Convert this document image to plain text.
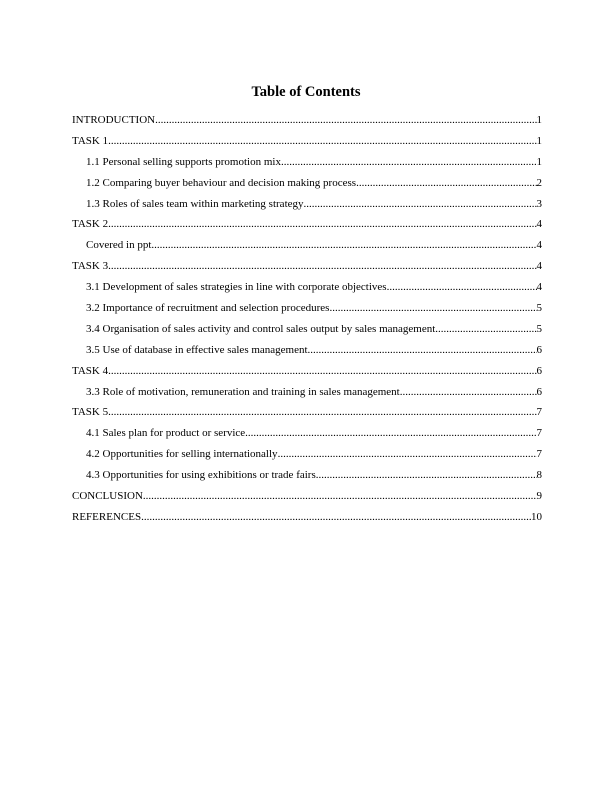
Table of Contents
INTRODUCTION .....	1
TASK 1 .....	1
1.1 Personal selling supports promotion mix .....	1
1.2 Comparing buyer behaviour and decision making process .....	2
1.3 Roles of sales team within marketing strategy .....	3
TASK 2 .....	4
Covered in ppt .....	4
TASK 3 .....	4
3.1 Development of sales strategies in line with corporate objectives .....	4
3.2 Importance of recruitment and selection procedures .....	5
3.4 Organisation of sales activity and control sales output by sales management .....	5
3.5 Use of database in effective sales management .....	6
TASK 4 .....	6
3.3 Role of motivation, remuneration and training in sales management .....	6
TASK 5 .....	7
4.1 Sales plan for product or service .....	7
4.2 Opportunities for selling internationally .....	7
4.3 Opportunities for using exhibitions or trade fairs .....	8
CONCLUSION .....	9
REFERENCES .....	10
